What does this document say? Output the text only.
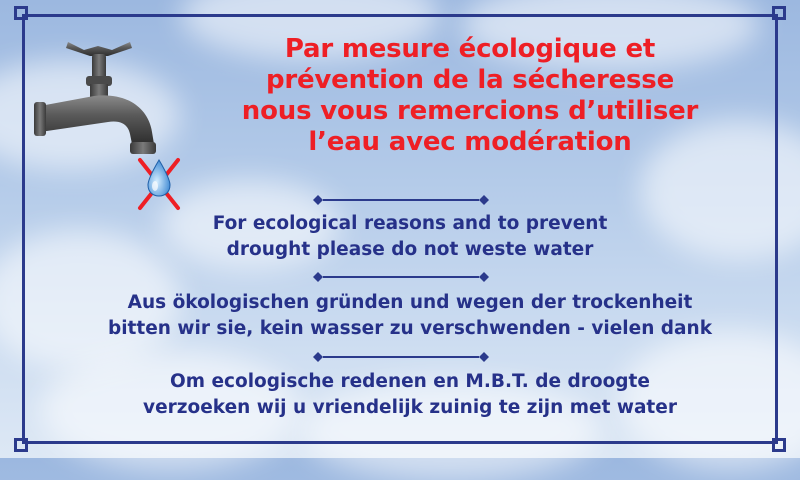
Par mesure écologique et
prévention de la sécheresse
nous vous remercions d’utiliser
l’eau avec modération
For ecological reasons and to prevent
drought please do not weste water
Aus ökologischen gründen und wegen der trockenheit
bitten wir sie, kein wasser zu verschwenden - vielen dank
Om ecologische redenen en M.B.T. de droogte
verzoeken wij u vriendelijk zuinig te zijn met water
